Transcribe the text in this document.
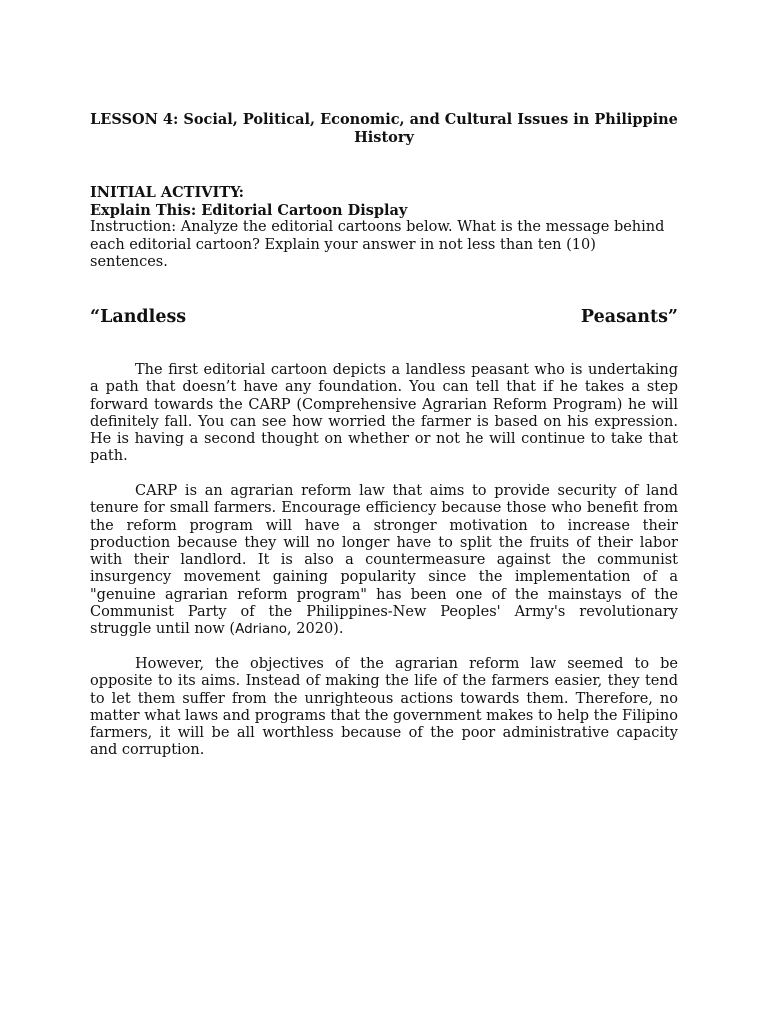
LESSON 4: Social, Political, Economic, and Cultural Issues in Philippine History
INITIAL ACTIVITY:
Explain This: Editorial Cartoon Display
Instruction: Analyze the editorial cartoons below. What is the message behind each editorial cartoon? Explain your answer in not less than ten (10) sentences.
“Landless	Peasants”

The first editorial cartoon depicts a landless peasant who is undertaking a path that doesn’t have any foundation. You can tell that if he takes a step forward towards the CARP (Comprehensive Agrarian Reform Program) he will definitely fall. You can see how worried the farmer is based on his expression. He is having a second thought on whether or not he will continue to take that path.

CARP is an agrarian reform law that aims to provide security of land tenure for small farmers. Encourage efficiency because those who benefit from the reform program will have a stronger motivation to increase their production because they will no longer have to split the fruits of their labor with their landlord. It is also a countermeasure against the communist insurgency movement gaining popularity since the implementation of a "genuine agrarian reform program" has been one of the mainstays of the Communist Party of the Philippines-New Peoples' Army's revolutionary struggle until now (Adriano, 2020).

However, the objectives of the agrarian reform law seemed to be opposite to its aims. Instead of making the life of the farmers easier, they tend to let them suffer from the unrighteous actions towards them. Therefore, no matter what laws and programs that the government makes to help the Filipino farmers, it will be all worthless because of the poor administrative capacity and corruption.
